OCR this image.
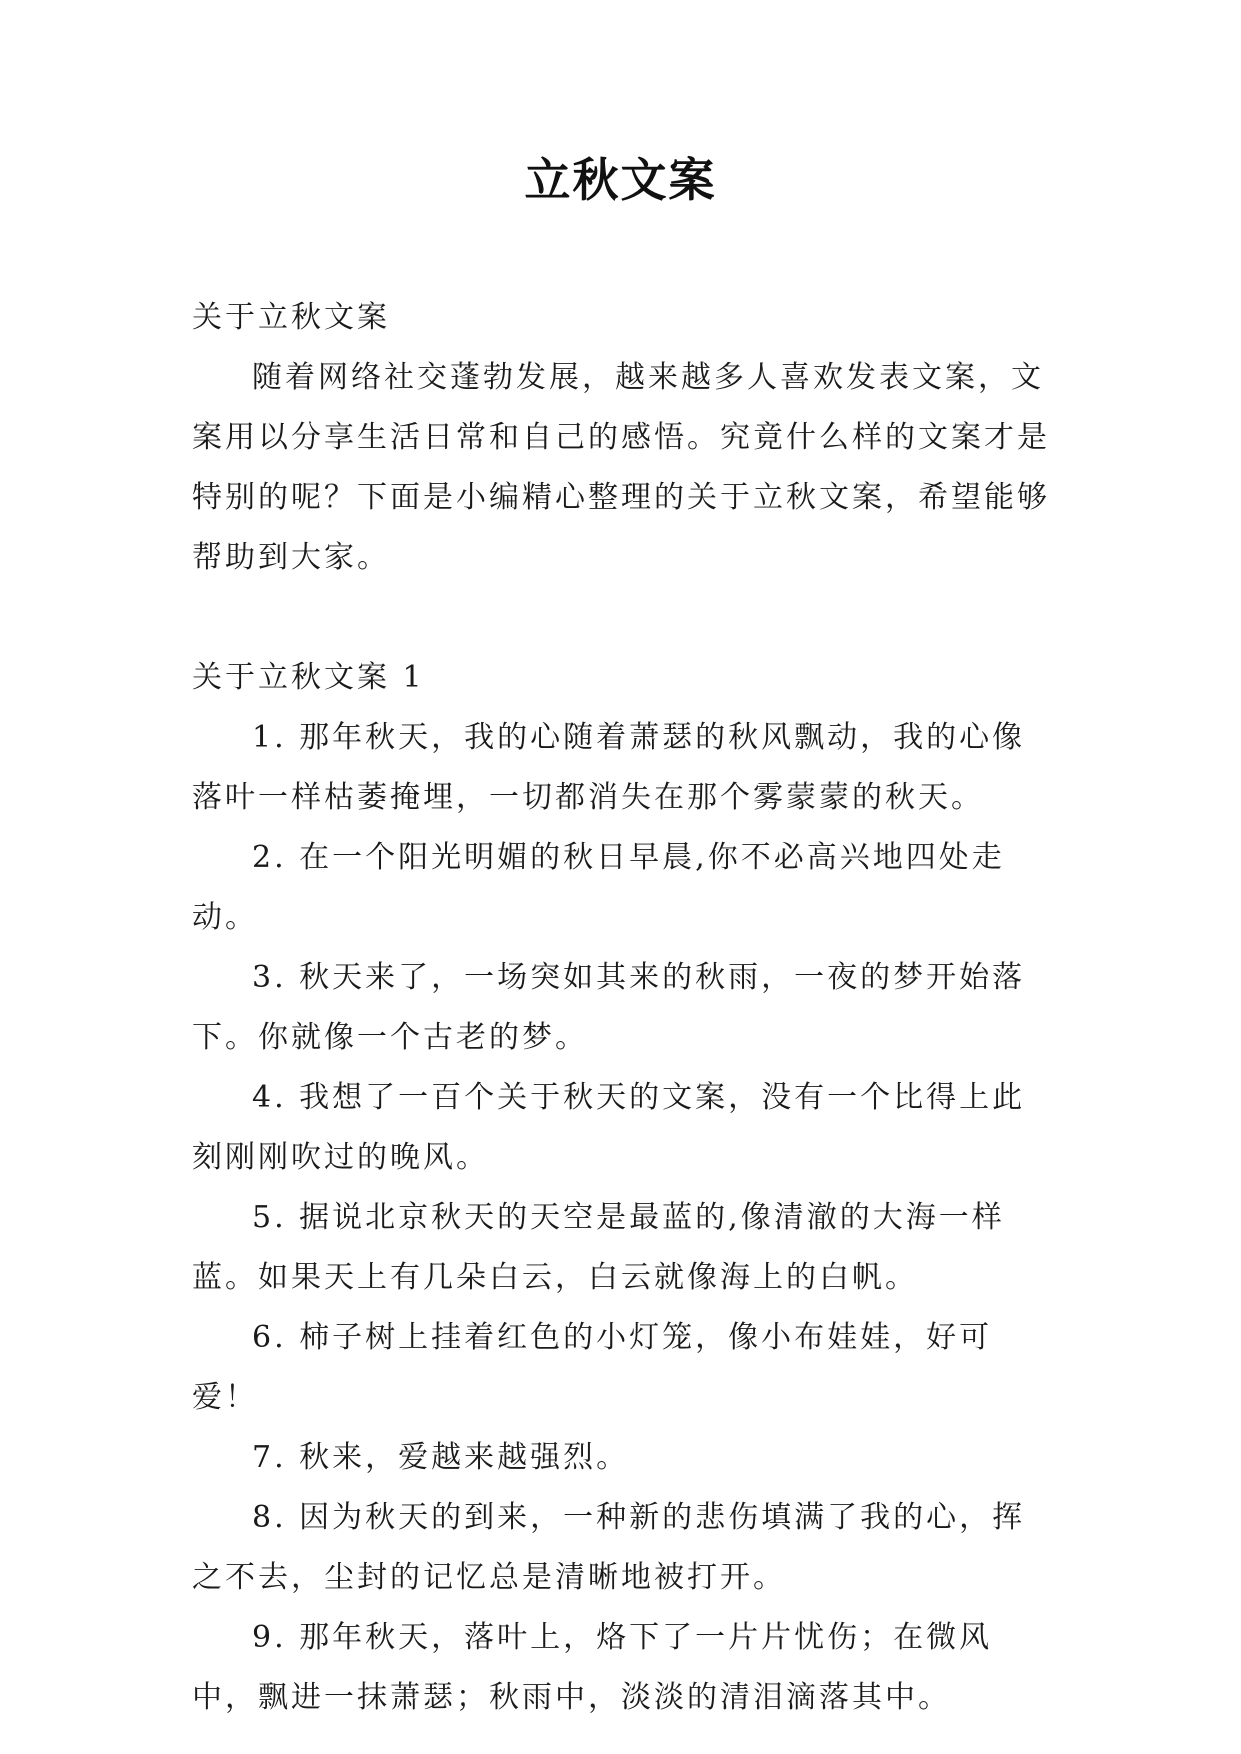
立秋文案

关于立秋文案

随着网络社交蓬勃发展，越来越多人喜欢发表文案，文案用以分享生活日常和自己的感悟。究竟什么样的文案才是特别的呢？下面是小编精心整理的关于立秋文案，希望能够帮助到大家。

关于立秋文案 1

1. 那年秋天，我的心随着萧瑟的秋风飘动，我的心像落叶一样枯萎掩埋，一切都消失在那个雾蒙蒙的秋天。

2. 在一个阳光明媚的秋日早晨,你不必高兴地四处走动。

3. 秋天来了，一场突如其来的秋雨，一夜的梦开始落下。你就像一个古老的梦。

4. 我想了一百个关于秋天的文案，没有一个比得上此刻刚刚吹过的晚风。

5. 据说北京秋天的天空是最蓝的,像清澈的大海一样蓝。如果天上有几朵白云，白云就像海上的白帆。

6. 柿子树上挂着红色的小灯笼，像小布娃娃，好可爱！

7. 秋来，爱越来越强烈。

8. 因为秋天的到来，一种新的悲伤填满了我的心，挥之不去，尘封的记忆总是清晰地被打开。

9. 那年秋天，落叶上，烙下了一片片忧伤；在微风中，飘进一抹萧瑟；秋雨中，淡淡的清泪滴落其中。
